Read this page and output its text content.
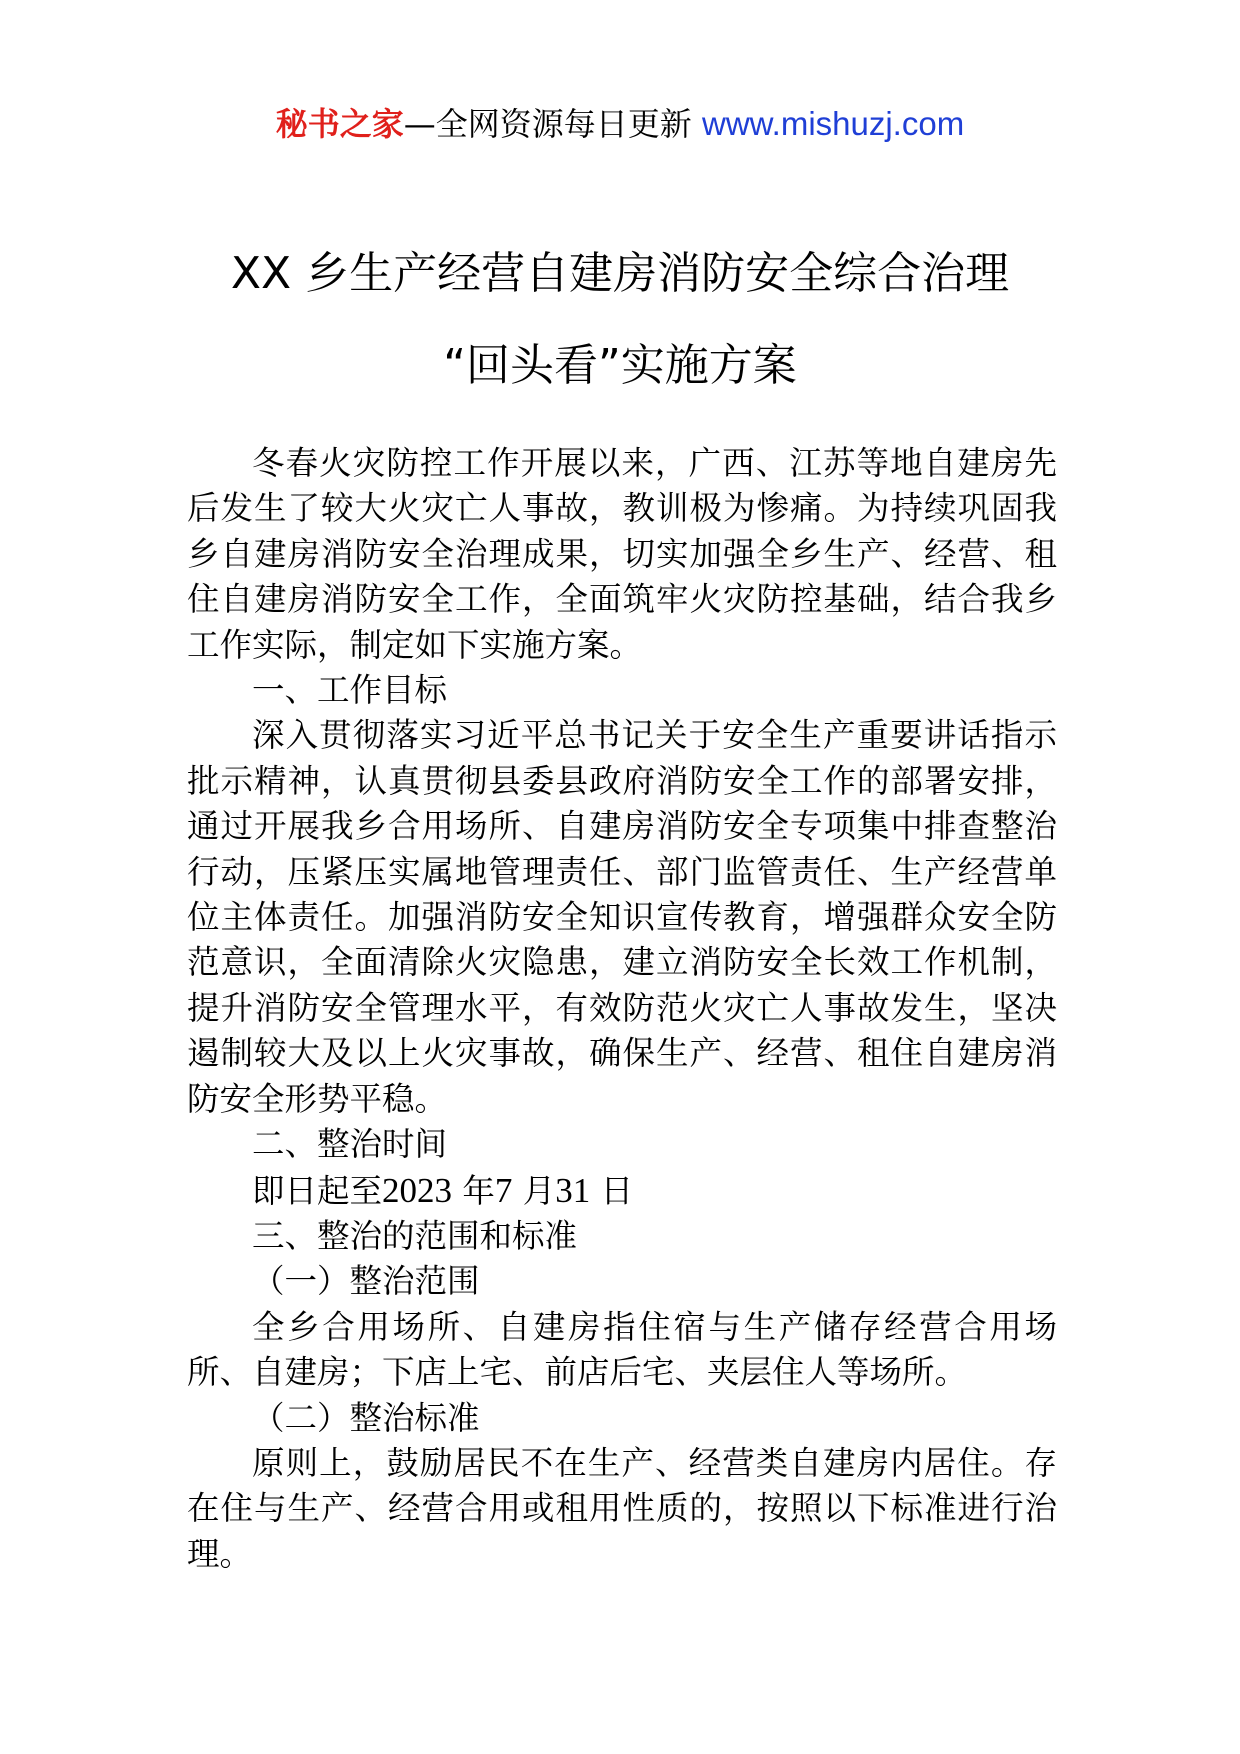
秘书之家—全网资源每日更新 www.mishuzj.com
XX 乡生产经营自建房消防安全综合治理
“回头看”实施方案

冬春火灾防控工作开展以来，广西、江苏等地自建房先后发生了较大火灾亡人事故，教训极为惨痛。为持续巩固我乡自建房消防安全治理成果，切实加强全乡生产、经营、租住自建房消防安全工作，全面筑牢火灾防控基础，结合我乡工作实际，制定如下实施方案。

一、工作目标

深入贯彻落实习近平总书记关于安全生产重要讲话指示批示精神，认真贯彻县委县政府消防安全工作的部署安排，通过开展我乡合用场所、自建房消防安全专项集中排查整治行动，压紧压实属地管理责任、部门监管责任、生产经营单位主体责任。加强消防安全知识宣传教育，增强群众安全防范意识，全面清除火灾隐患，建立消防安全长效工作机制，提升消防安全管理水平，有效防范火灾亡人事故发生，坚决遏制较大及以上火灾事故，确保生产、经营、租住自建房消防安全形势平稳。

二、整治时间

即日起至2023 年7 月31 日

三、整治的范围和标准

（一）整治范围

全乡合用场所、自建房指住宿与生产储存经营合用场所、自建房；下店上宅、前店后宅、夹层住人等场所。

（二）整治标准

原则上，鼓励居民不在生产、经营类自建房内居住。存在住与生产、经营合用或租用性质的，按照以下标准进行治理。
